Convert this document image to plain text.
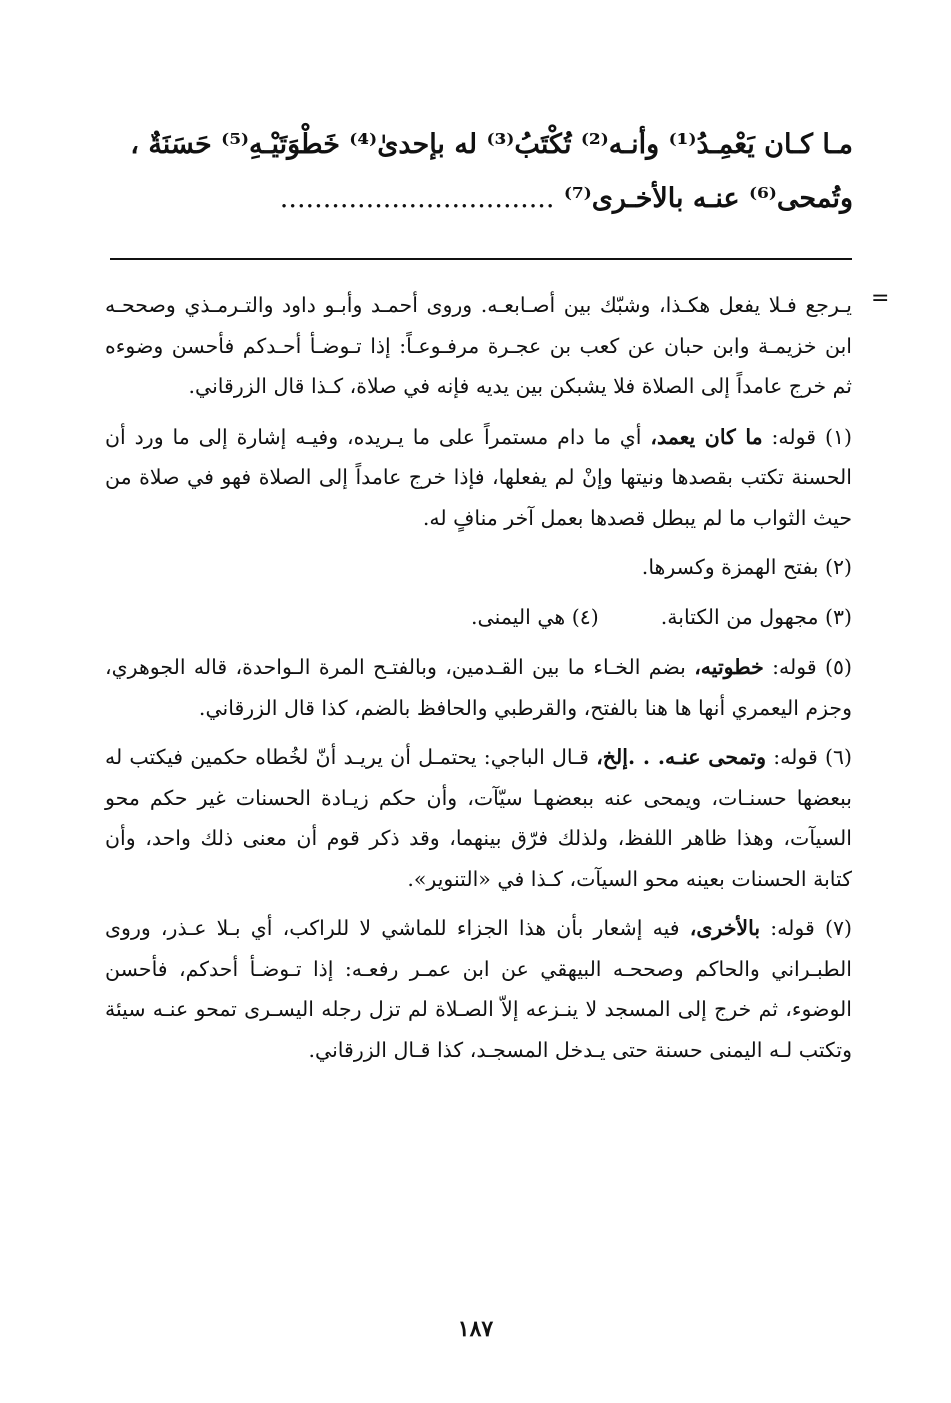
مـا كـان يَعْمِـدُ⁽¹⁾ وأنـه⁽²⁾ تُكْتَبُ⁽³⁾ له بإحدىٰ⁽⁴⁾ خَطْوَتَيْـهِ⁽⁵⁾ حَسَنَةٌ ،
وتُمحى⁽⁶⁾ عنـه بالأخـرى⁽⁷⁾ ................................
=

يـرجع فـلا يفعل هكـذا، وشبّك بين أصـابعـه. وروى أحمـد وأبـو داود والتـرمـذي وصححـه ابن خزيمـة وابن حبان عن كعب بن عجـرة مرفـوعـاً: إذا تـوضـأ أحـدكم فأحسن وضوءه ثم خرج عامداً إلى الصلاة فلا يشبكن بين يديه فإنه في صلاة، كـذا قال الزرقاني.

(١) قوله: ما كان يعمد، أي ما دام مستمراً على ما يـريده، وفيـه إشارة إلى ما ورد أن الحسنة تكتب بقصدها ونيتها وإنْ لم يفعلها، فإذا خرج عامداً إلى الصلاة فهو في صلاة من حيث الثواب ما لم يبطل قصدها بعمل آخر منافٍ له.

(٢) بفتح الهمزة وكسرها.

(٣) مجهول من الكتابة.
(٤) هي اليمنى.

(٥) قوله: خطوتيه، بضم الخـاء ما بين القـدمين، وبالفتـح المرة الـواحدة، قاله الجوهري، وجزم اليعمري أنها ها هنا بالفتح، والقرطبي والحافظ بالضم، كذا قال الزرقاني.

(٦) قوله: وتمحى عنـه. . .إلخ، قـال الباجي: يحتمـل أن يريـد أنّ لخُطاه حكمين فيكتب له ببعضها حسنـات، ويمحى عنه ببعضهـا سيّآت، وأن حكم زيـادة الحسنات غير حكم محو السيآت، وهذا ظاهر اللفظ، ولذلك فرّق بينهما، وقد ذكر قوم أن معنى ذلك واحد، وأن كتابة الحسنات بعينه محو السيآت، كـذا في «التنوير».

(٧) قوله: بالأخرى، فيه إشعار بأن هذا الجزاء للماشي لا للراكب، أي بـلا عـذر، وروى الطبـراني والحاكم وصححـه البيهقي عن ابن عمـر رفعـه: إذا تـوضـأ أحدكم، فأحسن الوضوء، ثم خرج إلى المسجد لا ينـزعه إلاّ الصـلاة لم تزل رجله اليسـرى تمحو عنـه سيئة وتكتب لـه اليمنى حسنة حتى يـدخل المسجـد، كذا قـال الزرقاني.

١٨٧
